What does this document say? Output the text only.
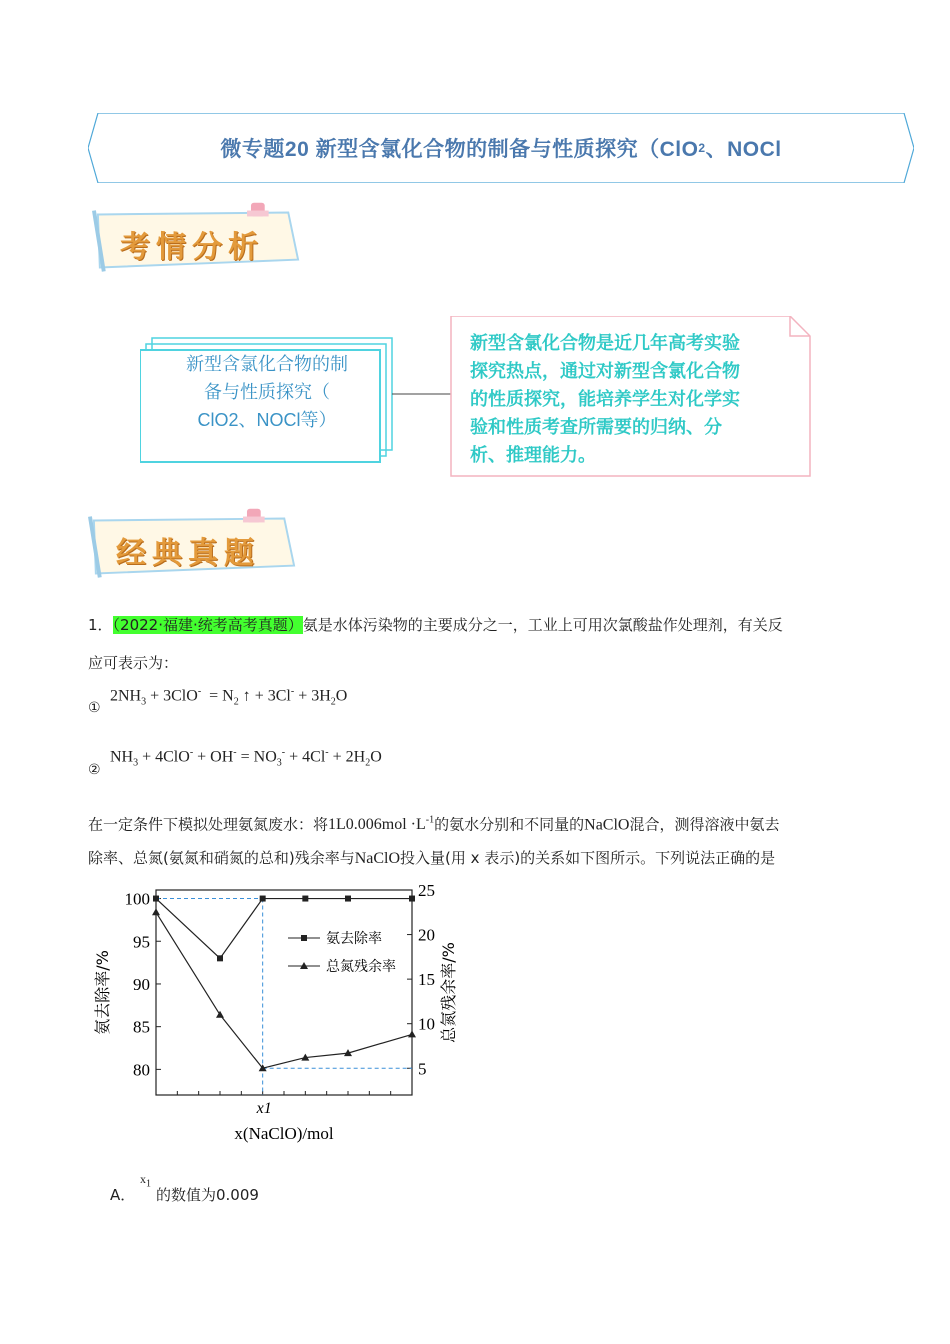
微专题20 新型含氯化合物的制备与性质探究（ClO 2 、NOCl
考情分析
新型含氯化合物的制
备与性质探究（
ClO2、NOCl等）
新型含氯化合物是近几年高考实验
探究热点，通过对新型含氯化合物
的性质探究，能培养学生对化学实
验和性质考查所需要的归纳、分
析、推理能力。
经典真题
1．（2022·福建·统考高考真题）氨是水体污染物的主要成分之一，工业上可用次氯酸盐作处理剂，有关反
应可表示为：
①
$2NH_3 + 3ClO^- = N_2$ ↑ + $3Cl^- + 3H_2O$
②
$NH_3 + 4ClO^- + OH^- = NO_3^- + 4Cl^- + 2H_2O$
在一定条件下模拟处理氨氮废水：将$1L0.006mol \cdot L^{-1}$的氨水分别和不同量的NaClO混合，测得溶液中氨去
除率、总氮(氨氮和硝氮的总和)残余率与NaClO投入量(用 x 表示)的关系如下图所示。下列说法正确的是
80
85
90
95
100
5
10
15
20
25
x1
x(NaClO)/mol
氨去除率/%	总氮残余率/%
氨去除率
总氮残余率
A．
$x_1$
的数值为0.009
